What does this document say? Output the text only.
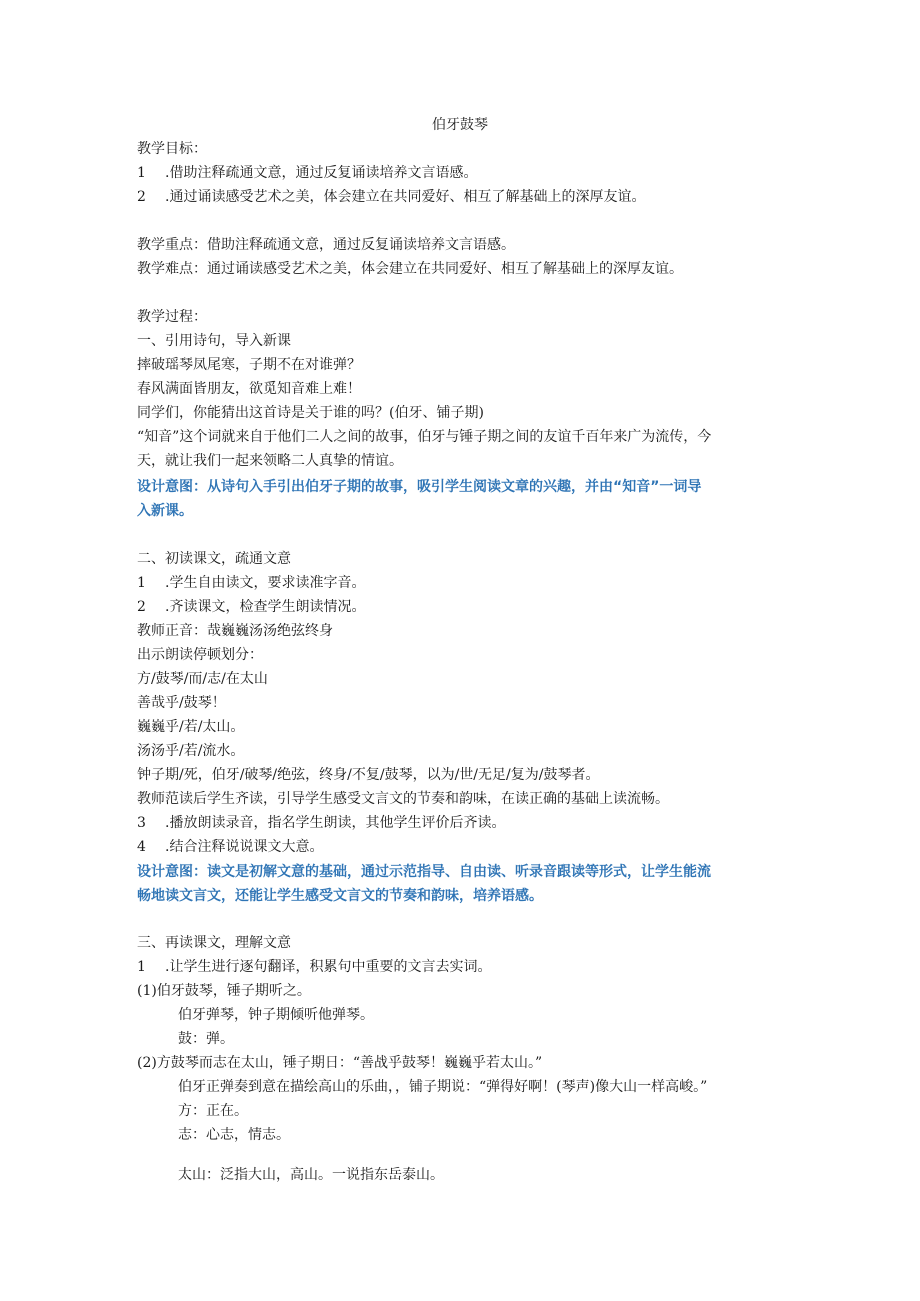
伯牙鼓琴
教学目标：
1 .借助注释疏通文意，通过反复诵读培养文言语感。
2 .通过诵读感受艺术之美，体会建立在共同爱好、相互了解基础上的深厚友谊。
教学重点：借助注释疏通文意，通过反复诵读培养文言语感。
教学难点：通过诵读感受艺术之美，体会建立在共同爱好、相互了解基础上的深厚友谊。
教学过程：
一、引用诗句，导入新课
摔破瑶琴凤尾寒，子期不在对谁弹？
春风满面皆朋友，欲觅知音难上难！
同学们，你能猜出这首诗是关于谁的吗？(伯牙、铺子期)
“知音”这个词就来自于他们二人之间的故事，伯牙与锤子期之间的友谊千百年来广为流传，今
天，就让我们一起来领略二人真挚的情谊。
设计意图：从诗句入手引出伯牙子期的故事，吸引学生阅读文章的兴趣，并由“知音”一词导
入新课。
二、初读课文，疏通文意
1 .学生自由读文，要求读准字音。
2 .齐读课文，检查学生朗读情况。
教师正音：哉巍巍汤汤绝弦终身
出示朗读停顿划分：
方/鼓琴/而/志/在太山
善哉乎/鼓琴！
巍巍乎/若/太山。
汤汤乎/若/流水。
钟子期/死，伯牙/破琴/绝弦，终身/不复/鼓琴，以为/世/无足/复为/鼓琴者。
教师范读后学生齐读，引导学生感受文言文的节奏和韵味，在读正确的基础上读流畅。
3 .播放朗读录音，指名学生朗读，其他学生评价后齐读。
4 .结合注释说说课文大意。
设计意图：读文是初解文意的基础，通过示范指导、自由读、听录音跟读等形式，让学生能流
畅地读文言文，还能让学生感受文言文的节奏和韵味，培养语感。
三、再读课文，理解文意
1 .让学生进行逐句翻译，积累句中重要的文言去实词。
(1)伯牙鼓琴，锤子期听之。
伯牙弹琴，钟子期倾听他弹琴。
鼓：弹。
(2)方鼓琴而志在太山，锤子期日：“善战乎鼓琴！巍巍乎若太山。”
伯牙正弹奏到意在描绘高山的乐曲，，铺子期说：“弹得好啊！(琴声)像大山一样高峻。”
方：正在。
志：心志，情志。
太山：泛指大山，高山。一说指东岳泰山。
